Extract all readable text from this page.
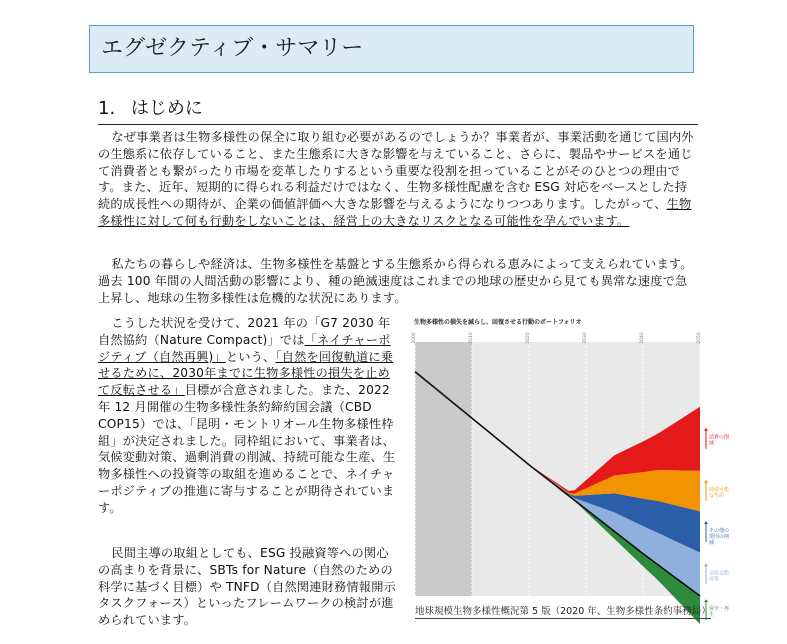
エグゼクティブ・サマリー
1. はじめに

なぜ事業者は生物多様性の保全に取り組む必要があるのでしょうか？事業者が、事業活動を通じて国内外の生態系に依存していること、また生態系に大きな影響を与えていること、さらに、製品やサービスを通じて消費者とも繋がったり市場を変革したりするという重要な役割を担っていることがそのひとつの理由です。また、近年、短期的に得られる利益だけではなく、生物多様性配慮を含む ESG 対応をベースとした持続的成長性への期待が、企業の価値評価へ大きな影響を与えるようになりつつあります。したがって、生物多様性に対して何も行動をしないことは、経営上の大きなリスクとなる可能性を孕んでいます。

私たちの暮らしや経済は、生物多様性を基盤とする生態系から得られる恵みによって支えられています。過去 100 年間の人間活動の影響により、種の絶滅速度はこれまでの地球の歴史から見ても異常な速度で急上昇し、地球の生物多様性は危機的な状況にあります。

こうした状況を受けて、2021 年の「G7 2030 年自然協約（Nature Compact)」では「ネイチャーポジティブ（自然再興)」という、「自然を回復軌道に乗せるために、2030年までに生物多様性の損失を止めて反転させる」目標が合意されました。また、2022 年 12 月開催の生物多様性条約締約国会議（CBD COP15）では、「昆明・モントリオール生物多様性枠組」が決定されました。同枠組において、事業者は、気候変動対策、過剰消費の削減、持続可能な生産、生物多様性への投資等の取組を進めることで、ネイチャーポジティブの推進に寄与することが期待されています。

民間主導の取組としても、ESG 投融資等への関心の高まりを背景に、SBTs for Nature（自然のための科学に基づく目標）や TNFD（自然関連財務情報開示タスクフォース）といったフレームワークの検討が進められています。

生物多様性の損失を減らし、回復させる行動のポートフォリオ
2000	2010	2020	2030	2040	2050
消費の削減
持続可能な生産
その他の要因の削減
気候変動対策
保全・再生
地球規模生物多様性概況第 5 版（2020 年、生物多様性条約事務局）
